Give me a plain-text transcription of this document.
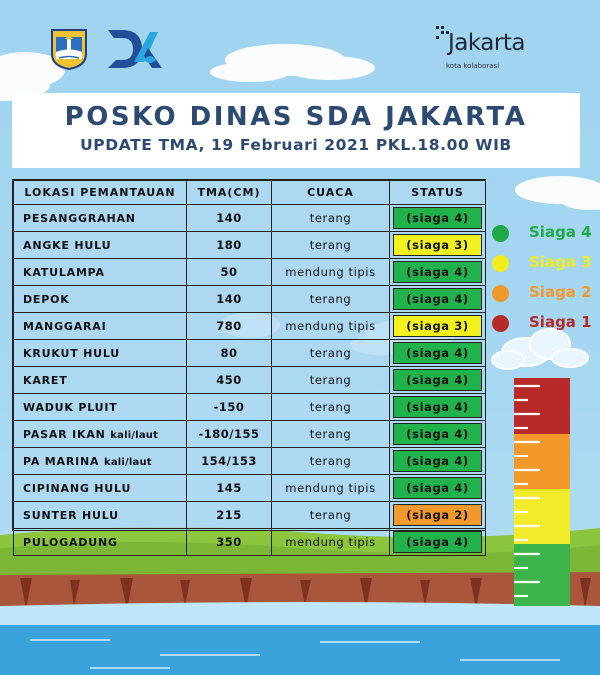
Jakarta
kota kolaborasi
POSKO DINAS SDA JAKARTA
UPDATE TMA, 19 Februari 2021 PKL.18.00 WIB
LOKASI PEMANTAUAN	TMA(CM)	CUACA	STATUS
PESANGGRAHAN	140	terang	(siaga 4)

ANGKE HULU	180	terang	(siaga 3)

KATULAMPA	50	mendung tipis	(siaga 4)

DEPOK	140	terang	(siaga 4)

MANGGARAI	780	mendung tipis	(siaga 3)

KRUKUT HULU	80	terang	(siaga 4)

KARET	450	terang	(siaga 4)

WADUK PLUIT	-150	terang	(siaga 4)

PASAR IKAN kali/laut	-180/155	terang	(siaga 4)

PA MARINA kali/laut	154/153	terang	(siaga 4)

CIPINANG HULU	145	mendung tipis	(siaga 4)

SUNTER HULU	215	terang	(siaga 2)

PULOGADUNG	350	mendung tipis	(siaga 4)
Siaga 4
Siaga 3
Siaga 2
Siaga 1
